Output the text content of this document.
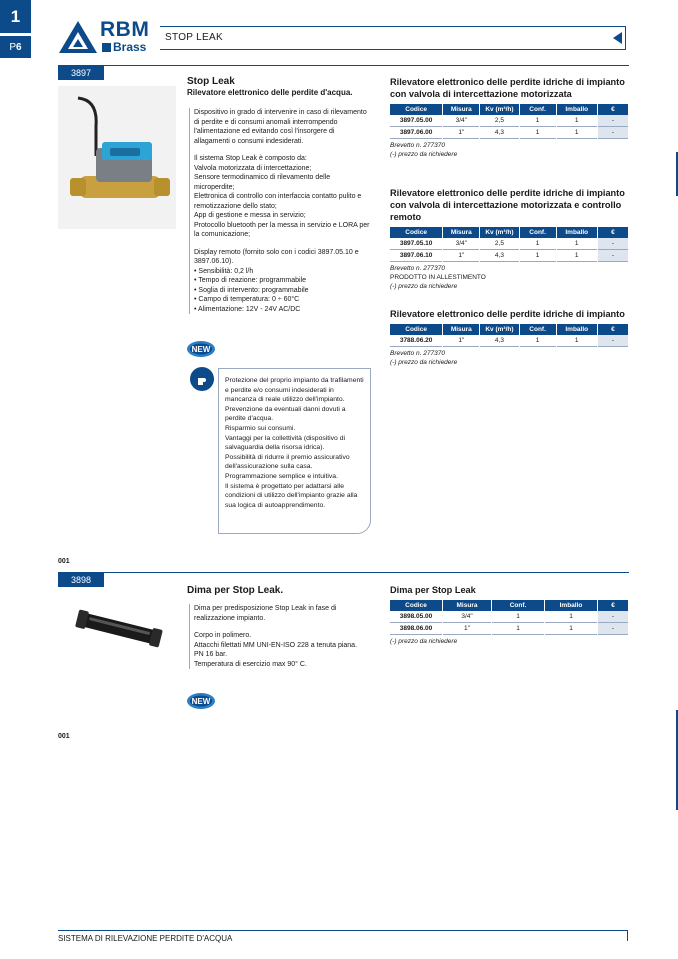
1
P 6
RBM
Brass
STOP LEAK
3897
Stop Leak
Rilevatore elettronico delle perdite d'acqua.

Dispositivo in grado di intervenire in caso di rilevamento di perdite e di consumi anomali interrompendo l'alimentazione ed evitando così l'insorgere di allagamenti o consumi indesiderati.

Il sistema Stop Leak è composto da:
Valvola motorizzata di intercettazione;
Sensore termodinamico di rilevamento delle microperdite;
Elettronica di controllo con interfaccia contatto pulito e remotizzazione dello stato;
App di gestione e messa in servizio;
Protocollo bluetooth per la messa in servizio e LORA per la comunicazione;

Display remoto (fornito solo con i codici 3897.05.10 e 3897.06.10).

• Sensibilità: 0,2 l/h
• Tempo di reazione: programmabile
• Soglia di intervento: programmabile
• Campo di temperatura: 0 ÷ 60°C
• Alimentazione: 12V - 24V AC/DC
NEW
Protezione del proprio impianto da trafilamenti e perdite e/o consumi indesiderati in mancanza di reale utilizzo dell'impianto.
Prevenzione da eventuali danni dovuti a perdite d'acqua.
Risparmio sui consumi.
Vantaggi per la collettività (dispositivo di salvaguardia della risorsa idrica).
Possibilità di ridurre il premio assicurativo dell'assicurazione sulla casa.
Programmazione semplice e intuitiva.
Il sistema è progettato per adattarsi alle condizioni di utilizzo dell'impianto grazie alla sua logica di autoapprendimento.
Rilevatore elettronico delle perdite idriche di impianto con valvola di intercettazione motorizzata
Codice	Misura	Kv (m³/h)	Conf.	Imballo	€
3897.05.00	3/4"	2,5	1	1	-
3897.06.00	1"	4,3	1	1	-
Brevetto n. 277370
(-) prezzo da richiedere
Rilevatore elettronico delle perdite idriche di impianto con valvola di intercettazione motorizzata e controllo remoto
Codice	Misura	Kv (m³/h)	Conf.	Imballo	€
3897.05.10	3/4"	2,5	1	1	-
3897.06.10	1"	4,3	1	1	-
Brevetto n. 277370
PRODOTTO IN ALLESTIMENTO
(-) prezzo da richiedere
Rilevatore elettronico delle perdite idriche di impianto
Codice	Misura	Kv (m³/h)	Conf.	Imballo	€
3788.06.20	1"	4,3	1	1	-
Brevetto n. 277370
(-) prezzo da richiedere
001
3898
Dima per Stop Leak.

Dima per predisposizione Stop Leak in fase di realizzazione impianto.

Corpo in polimero.
Attacchi filettati MM UNI-EN-ISO 228 a tenuta piana.
PN 16 bar.
Temperatura di esercizio max 90° C.

NEW
Dima per Stop Leak
Codice	Misura	Conf.	Imballo	€
3898.05.00	3/4"	1	1	-
3898.06.00	1"	1	1	-
(-) prezzo da richiedere
001
SISTEMA DI RILEVAZIONE PERDITE D'ACQUA
